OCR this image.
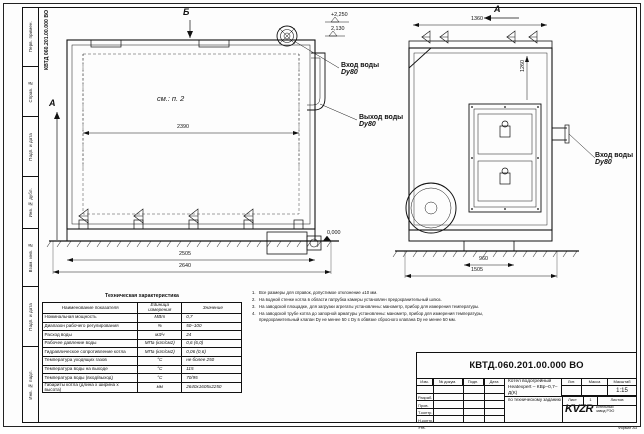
Перв. примен.
Справ. №
Подп. и дата
Инв. № дубл.
Взам. инв. №
Подп. и дата
Инв. № подл.
КВТД 060.201.00.000 ВО	Б
А
А
см.: п. 2
Вход воды
Dy80
Выход воды
Dy80
Вход воды
Dy80
2390
2505
2640
1360
1260
960
1505
+2,250
2,130
0,000
Техническая характеристика
Наименование показателя	Единица измерения	Значение
Номинальная мощность	МВт	0,7
Диапазон рабочего регулирования	%	50–100
Расход воды	м3/ч	24
Рабочее давление воды	МПа (кгс/см2)	0,6 (6,0)
Гидравлическое сопротивление котла	МПа (кгс/см2)	0,06 (0,6)
Температура уходящих газов	°С	не более 250
Температура воды на выходе	°С	115
Температура воды (вход/выход)	°С	70/95
Габариты котла (длина х ширина х высота)	мм	2640х1605х2250
1. Все размеры для справок, допустимое отклонение ±10 мм.
2. На водной стенке котла в области патрубка камеры установлен предохранительный шлюз.
3. На заводской площадке, для загрузки агрегаты установлены: манометр, прибор для измерения температуры.
4. На заводской трубе котла до запорной арматуры установлены: манометр, прибор для измерения температуры, предохранительный клапан Dу не менее 50 с Dу в обвязке сбросного клапана Dу не менее 50 мм.
КВТД.060.201.00.000 ВО
Изм.	№ докум.	Подп.	Дата
Разраб.
Пров.
Т.контр.
Н.контр.
Утв.
Котел водогрейный
Heatexpert – КВр–0,7– Д(К)
по техническому заданию
Лит.	Масса	Масштаб
1:15
Лист	1	Листов
KVZR котельный
завод РЭО
Формат А3
